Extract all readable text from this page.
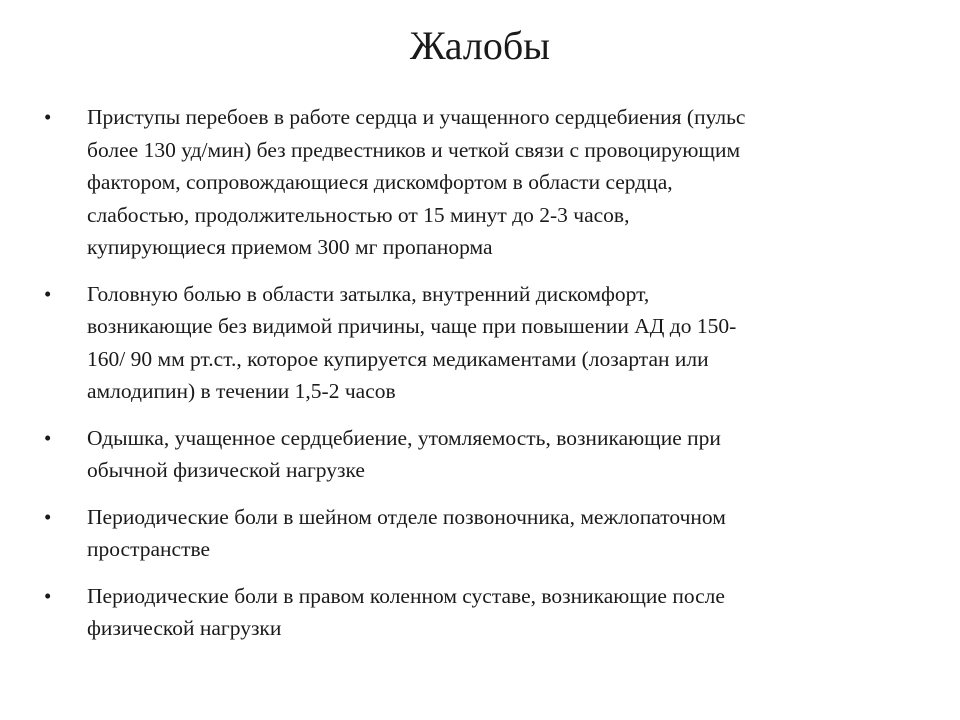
Жалобы
•	Приступы перебоев в работе сердца и учащенного сердцебиения (пульс
более 130 уд/мин) без предвестников и четкой связи с провоцирующим
фактором, сопровождающиеся дискомфортом в области сердца,
слабостью, продолжительностью от 15 минут до 2-3 часов,
купирующиеся приемом 300 мг пропанорма
•	Головную болью в области затылка, внутренний дискомфорт,
возникающие без видимой причины, чаще при повышении АД до 150-
160/ 90 мм рт.ст., которое купируется медикаментами (лозартан или
амлодипин) в течении 1,5-2 часов
•	Одышка, учащенное сердцебиение, утомляемость, возникающие при
обычной физической нагрузке
•	Периодические боли в шейном отделе позвоночника, межлопаточном
пространстве
•	Периодические боли в правом коленном суставе, возникающие после
физической нагрузки
